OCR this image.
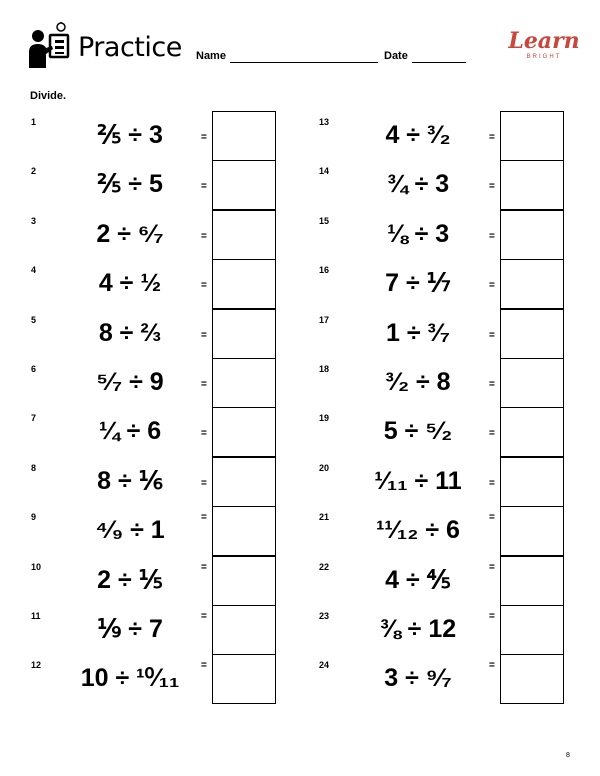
Practice Name	Date
Learn
BRIGHT
Divide.
1	⅖ ÷ 3	=
2	⅖ ÷ 5	=
3	2 ÷ ⁶⁄₇	=
4	4 ÷ ½	=
5	8 ÷ ⅔	=
6	⁵⁄₇ ÷ 9	=
7	¼ ÷ 6	=
8	8 ÷ ⅙	=
9	⁴⁄₉ ÷ 1	=
10	2 ÷ ⅕	=
11	⅑ ÷ 7	=
12	10 ÷ ¹⁰⁄₁₁	=
13	4 ÷ ³⁄₂	=
14	¾ ÷ 3	=
15	⅛ ÷ 3	=
16	7 ÷ ⅐	=
17	1 ÷ ³⁄₇	=
18	³⁄₂ ÷ 8	=
19	5 ÷ ⁵⁄₂	=
20	¹⁄₁₁ ÷ 11	=
21	¹¹⁄₁₂ ÷ 6	=
22	4 ÷ ⅘	=
23	⅜ ÷ 12	=
24	3 ÷ ⁹⁄₇	=
8
